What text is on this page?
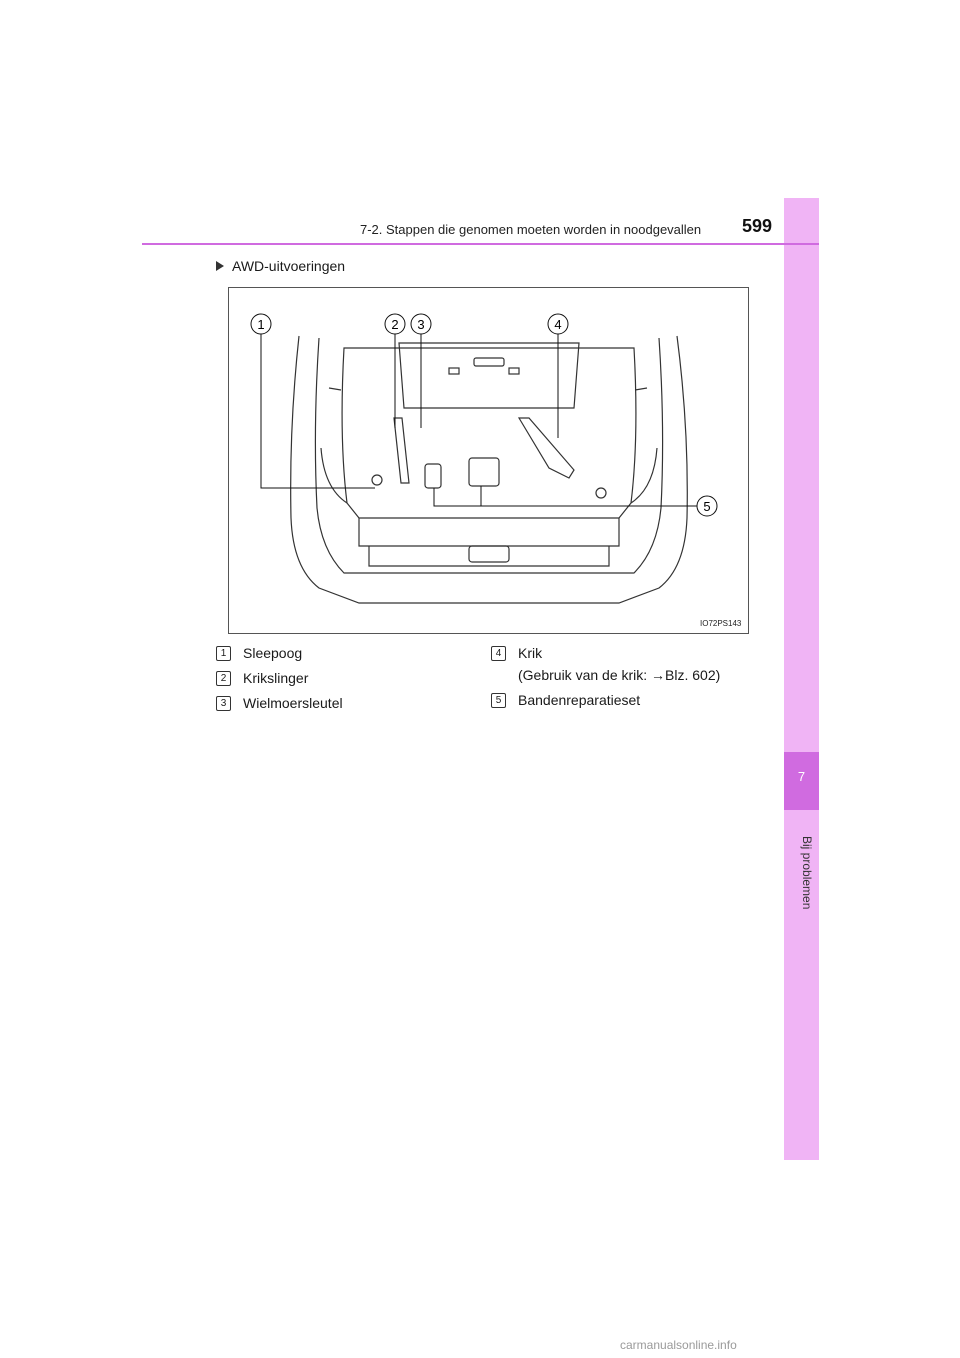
7
Bij problemen
7-2. Stappen die genomen moeten worden in noodgevallen 599
AWD-uitvoeringen
1	2 3	4
5
IO72PS143
1	Sleepoog
2	Krikslinger
3	Wielmoersleutel
4	Krik
(Gebruik van de krik: →Blz. 602)
5	Bandenreparatieset
carmanualsonline.info
